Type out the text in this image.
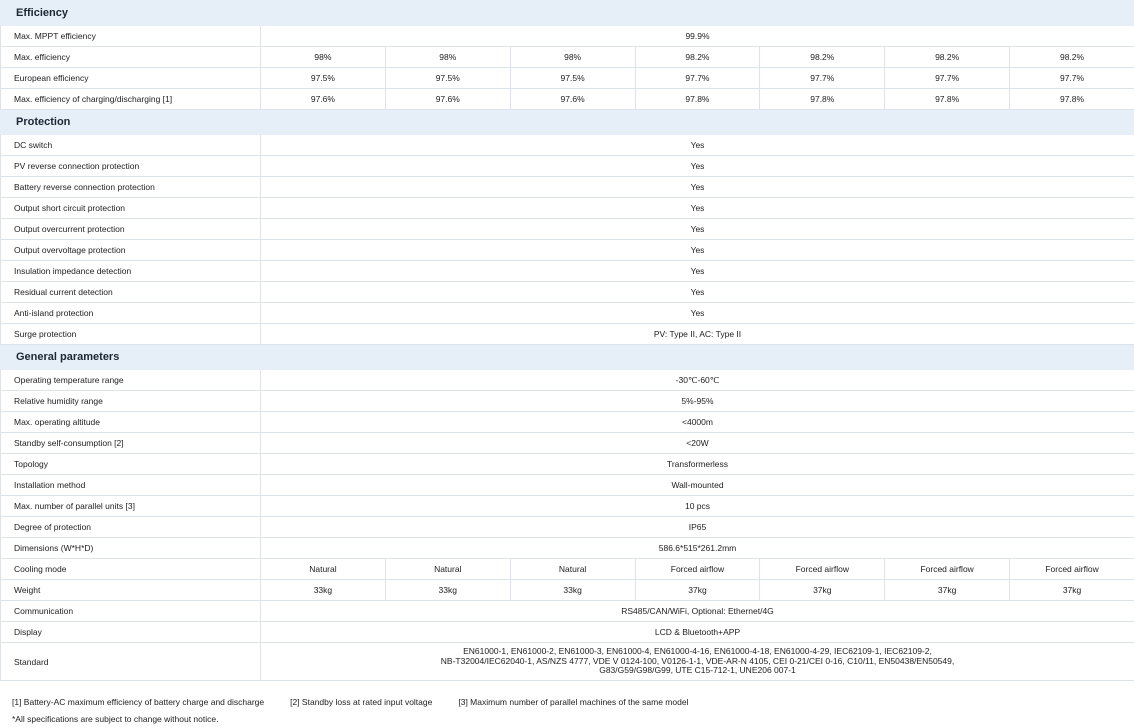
Efficiency							
Max. MPPT efficiency	99.9%						
Max. efficiency	98%	98%	98%	98.2%	98.2%	98.2%	98.2%
European efficiency	97.5%	97.5%	97.5%	97.7%	97.7%	97.7%	97.7%
Max. efficiency of charging/discharging [1]	97.6%	97.6%	97.6%	97.8%	97.8%	97.8%	97.8%
Protection							
DC switch	Yes						
PV reverse connection protection	Yes						
Battery reverse connection protection	Yes						
Output short circuit protection	Yes						
Output overcurrent protection	Yes						
Output overvoltage protection	Yes						
Insulation impedance detection	Yes						
Residual current detection	Yes						
Anti-island protection	Yes						
Surge protection	PV: Type II, AC: Type II						
General parameters							
Operating temperature range	-30℃-60℃						
Relative humidity range	5%-95%						
Max. operating altitude	<4000m						
Standby self-consumption [2]	<20W						
Topology	Transformerless						
Installation method	Wall-mounted						
Max. number of parallel units [3]	10 pcs						
Degree of protection	IP65						
Dimensions (W*H*D)	586.6*515*261.2mm						
Cooling mode	Natural	Natural	Natural	Forced airflow	Forced airflow	Forced airflow	Forced airflow
Weight	33kg	33kg	33kg	37kg	37kg	37kg	37kg
Communication	RS485/CAN/WiFi, Optional: Ethernet/4G						
Display	LCD & Bluetooth+APP						
Standard	EN61000-1, EN61000-2, EN61000-3, EN61000-4, EN61000-4-16, EN61000-4-18, EN61000-4-29, IEC62109-1, IEC62109-2,
NB-T32004/IEC62040-1, AS/NZS 4777, VDE V 0124-100, V0126-1-1, VDE-AR-N 4105, CEI 0-21/CEI 0-16, C10/11, EN50438/EN50549,
G83/G59/G98/G99, UTE C15-712-1, UNE206 007-1						
[1] Battery-AC maximum efficiency of battery charge and discharge	[2] Standby loss at rated input voltage	[3] Maximum number of parallel machines of the same model
*All specifications are subject to change without notice.
